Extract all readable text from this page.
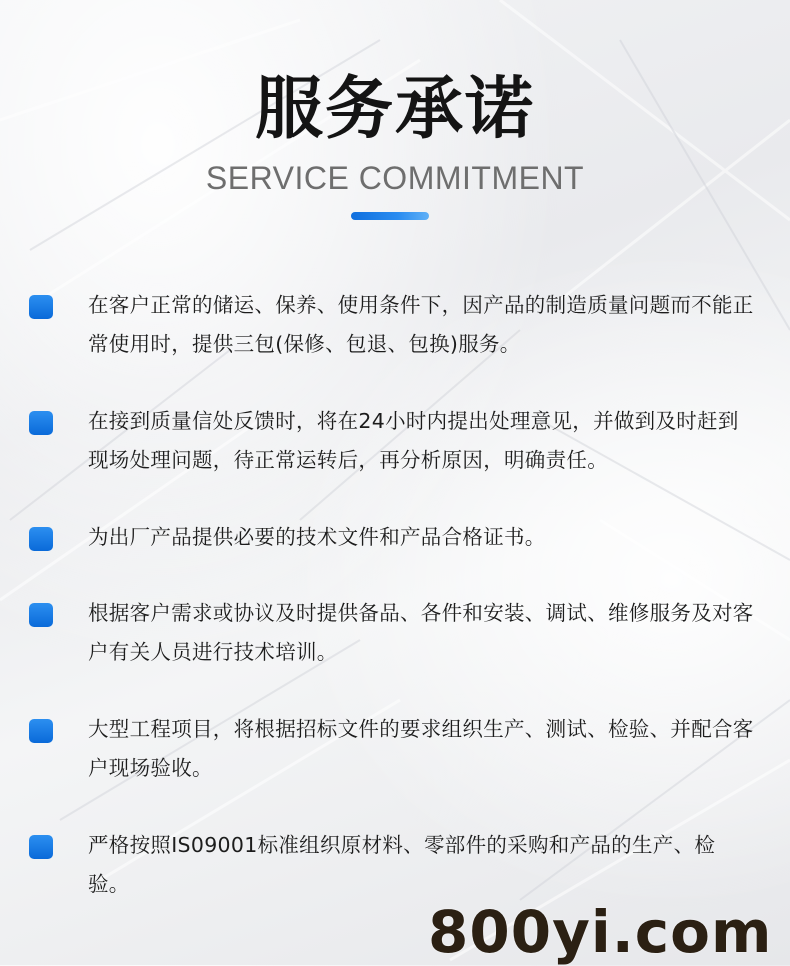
服务承诺
SERVICE COMMITMENT
在客户正常的储运、保养、使用条件下，因产品的制造质量问题而不能正常使用时，提供三包(保修、包退、包换)服务。
在接到质量信处反馈时，将在24小时内提出处理意见，并做到及时赶到现场处理问题，待正常运转后，再分析原因，明确责任。
为出厂产品提供必要的技术文件和产品合格证书。
根据客户需求或协议及时提供备品、各件和安装、调试、维修服务及对客户有关人员进行技术培训。
大型工程项目，将根据招标文件的要求组织生产、测试、检验、并配合客户现场验收。
严格按照IS09001标准组织原材料、零部件的采购和产品的生产、检验。
800yi.com
